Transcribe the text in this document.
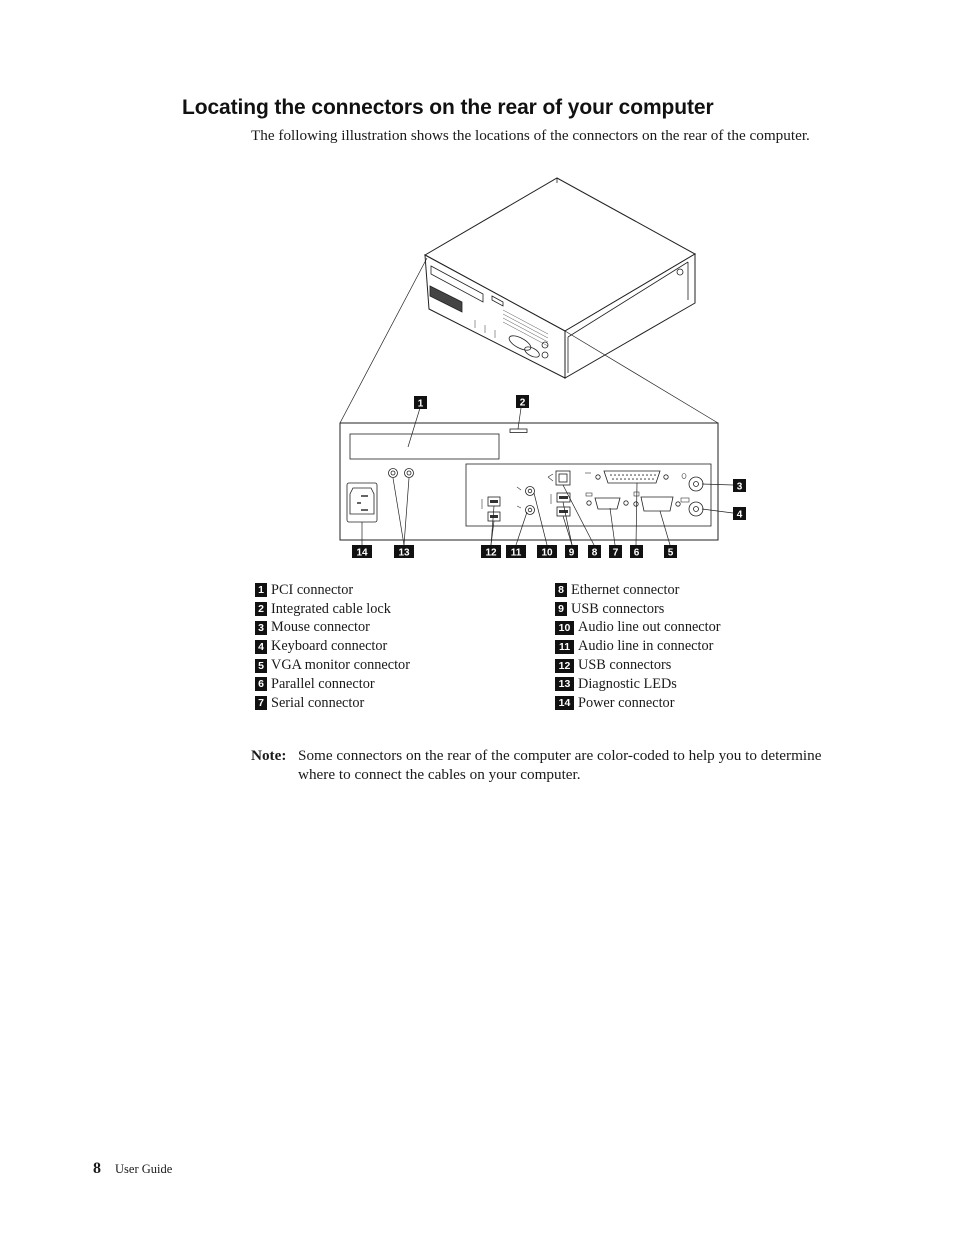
Locating the connectors on the rear of your computer

The following illustration shows the locations of the connectors on the rear of the computer.

1	2
3
4
5
6
7
8
9
10
11
12
13
14
1 PCI connector
2 Integrated cable lock
3 Mouse connector
4 Keyboard connector
5 VGA monitor connector
6 Parallel connector
7 Serial connector
8 Ethernet connector
9 USB connectors
10 Audio line out connector
11 Audio line in connector
12 USB connectors
13 Diagnostic LEDs
14 Power connector
Note: Some connectors on the rear of the computer are color-coded to help you to determine where to connect the cables on your computer.
8 User Guide
